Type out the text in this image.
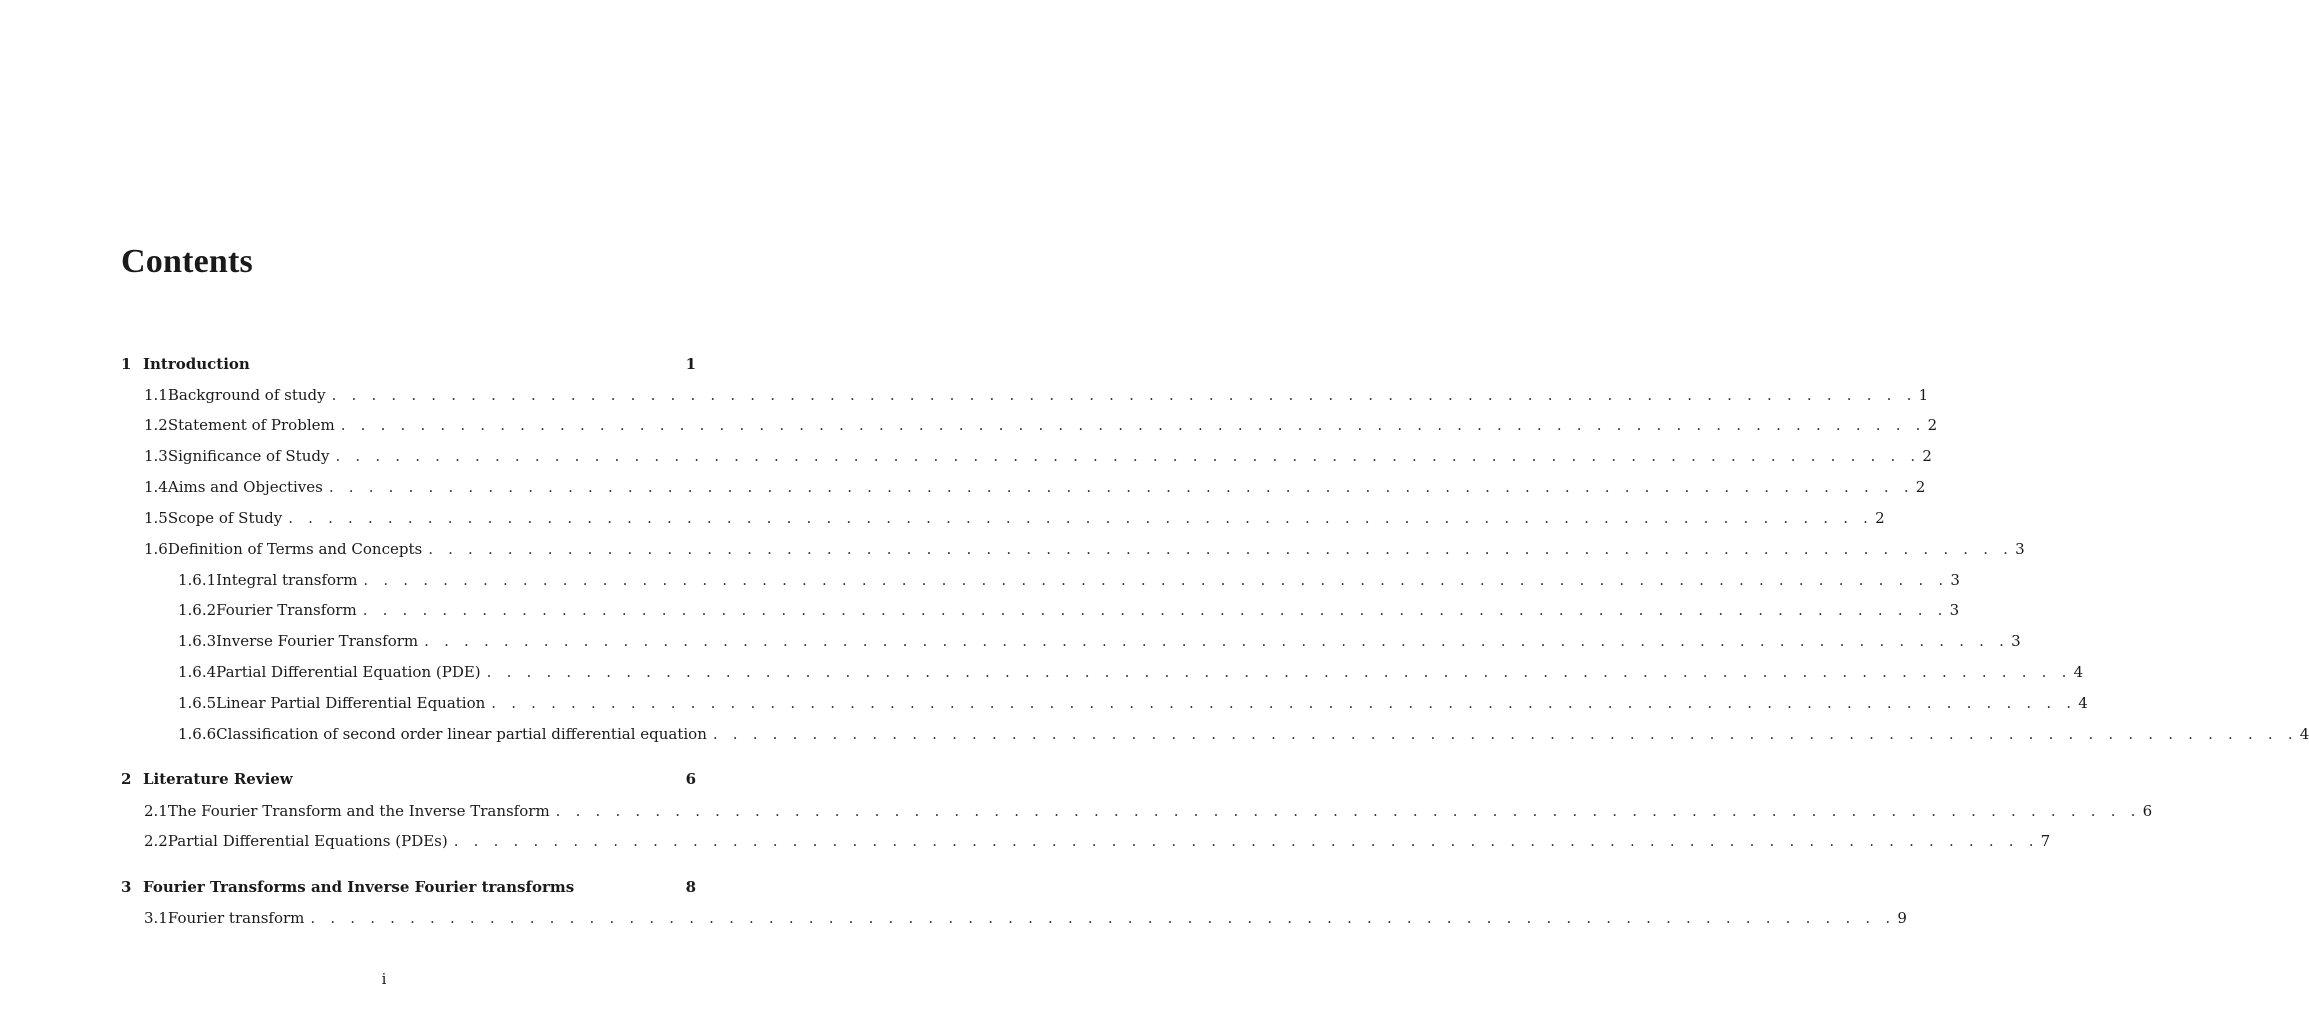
Contents
1 Introduction	1
1.1 Background of study . . . . . . . . . . . . . . . . . . . . . . . . . . . . . . . . . . . . . . . . . . . . . . . . . . . . . . . . . . . . . . . . . . . . . . . . . . . . . . . . 1
1.2 Statement of Problem . . . . . . . . . . . . . . . . . . . . . . . . . . . . . . . . . . . . . . . . . . . . . . . . . . . . . . . . . . . . . . . . . . . . . . . . . . . . . . . . 2
1.3 Significance of Study . . . . . . . . . . . . . . . . . . . . . . . . . . . . . . . . . . . . . . . . . . . . . . . . . . . . . . . . . . . . . . . . . . . . . . . . . . . . . . . . 2
1.4 Aims and Objectives . . . . . . . . . . . . . . . . . . . . . . . . . . . . . . . . . . . . . . . . . . . . . . . . . . . . . . . . . . . . . . . . . . . . . . . . . . . . . . . . 2
1.5 Scope of Study . . . . . . . . . . . . . . . . . . . . . . . . . . . . . . . . . . . . . . . . . . . . . . . . . . . . . . . . . . . . . . . . . . . . . . . . . . . . . . . . 2
1.6 Definition of Terms and Concepts . . . . . . . . . . . . . . . . . . . . . . . . . . . . . . . . . . . . . . . . . . . . . . . . . . . . . . . . . . . . . . . . . . . . . . . . . . . . . . . . 3
1.6.1 Integral transform . . . . . . . . . . . . . . . . . . . . . . . . . . . . . . . . . . . . . . . . . . . . . . . . . . . . . . . . . . . . . . . . . . . . . . . . . . . . . . . . 3
1.6.2 Fourier Transform . . . . . . . . . . . . . . . . . . . . . . . . . . . . . . . . . . . . . . . . . . . . . . . . . . . . . . . . . . . . . . . . . . . . . . . . . . . . . . . . 3
1.6.3 Inverse Fourier Transform . . . . . . . . . . . . . . . . . . . . . . . . . . . . . . . . . . . . . . . . . . . . . . . . . . . . . . . . . . . . . . . . . . . . . . . . . . . . . . . . 3
1.6.4 Partial Differential Equation (PDE) . . . . . . . . . . . . . . . . . . . . . . . . . . . . . . . . . . . . . . . . . . . . . . . . . . . . . . . . . . . . . . . . . . . . . . . . . . . . . . . . 4
1.6.5 Linear Partial Differential Equation . . . . . . . . . . . . . . . . . . . . . . . . . . . . . . . . . . . . . . . . . . . . . . . . . . . . . . . . . . . . . . . . . . . . . . . . . . . . . . . . 4
1.6.6 Classification of second order linear partial differential equation . . . . . . . . . . . . . . . . . . . . . . . . . . . . . . . . . . . . . . . . . . . . . . . . . . . . . . . . . . . . . . . . . . . . . . . . . . . . . . . . 4
2 Literature Review	6
2.1 The Fourier Transform and the Inverse Transform . . . . . . . . . . . . . . . . . . . . . . . . . . . . . . . . . . . . . . . . . . . . . . . . . . . . . . . . . . . . . . . . . . . . . . . . . . . . . . . . 6
2.2 Partial Differential Equations (PDEs) . . . . . . . . . . . . . . . . . . . . . . . . . . . . . . . . . . . . . . . . . . . . . . . . . . . . . . . . . . . . . . . . . . . . . . . . . . . . . . . . 7
3 Fourier Transforms and Inverse Fourier transforms	8
3.1 Fourier transform . . . . . . . . . . . . . . . . . . . . . . . . . . . . . . . . . . . . . . . . . . . . . . . . . . . . . . . . . . . . . . . . . . . . . . . . . . . . . . . . 9
i
